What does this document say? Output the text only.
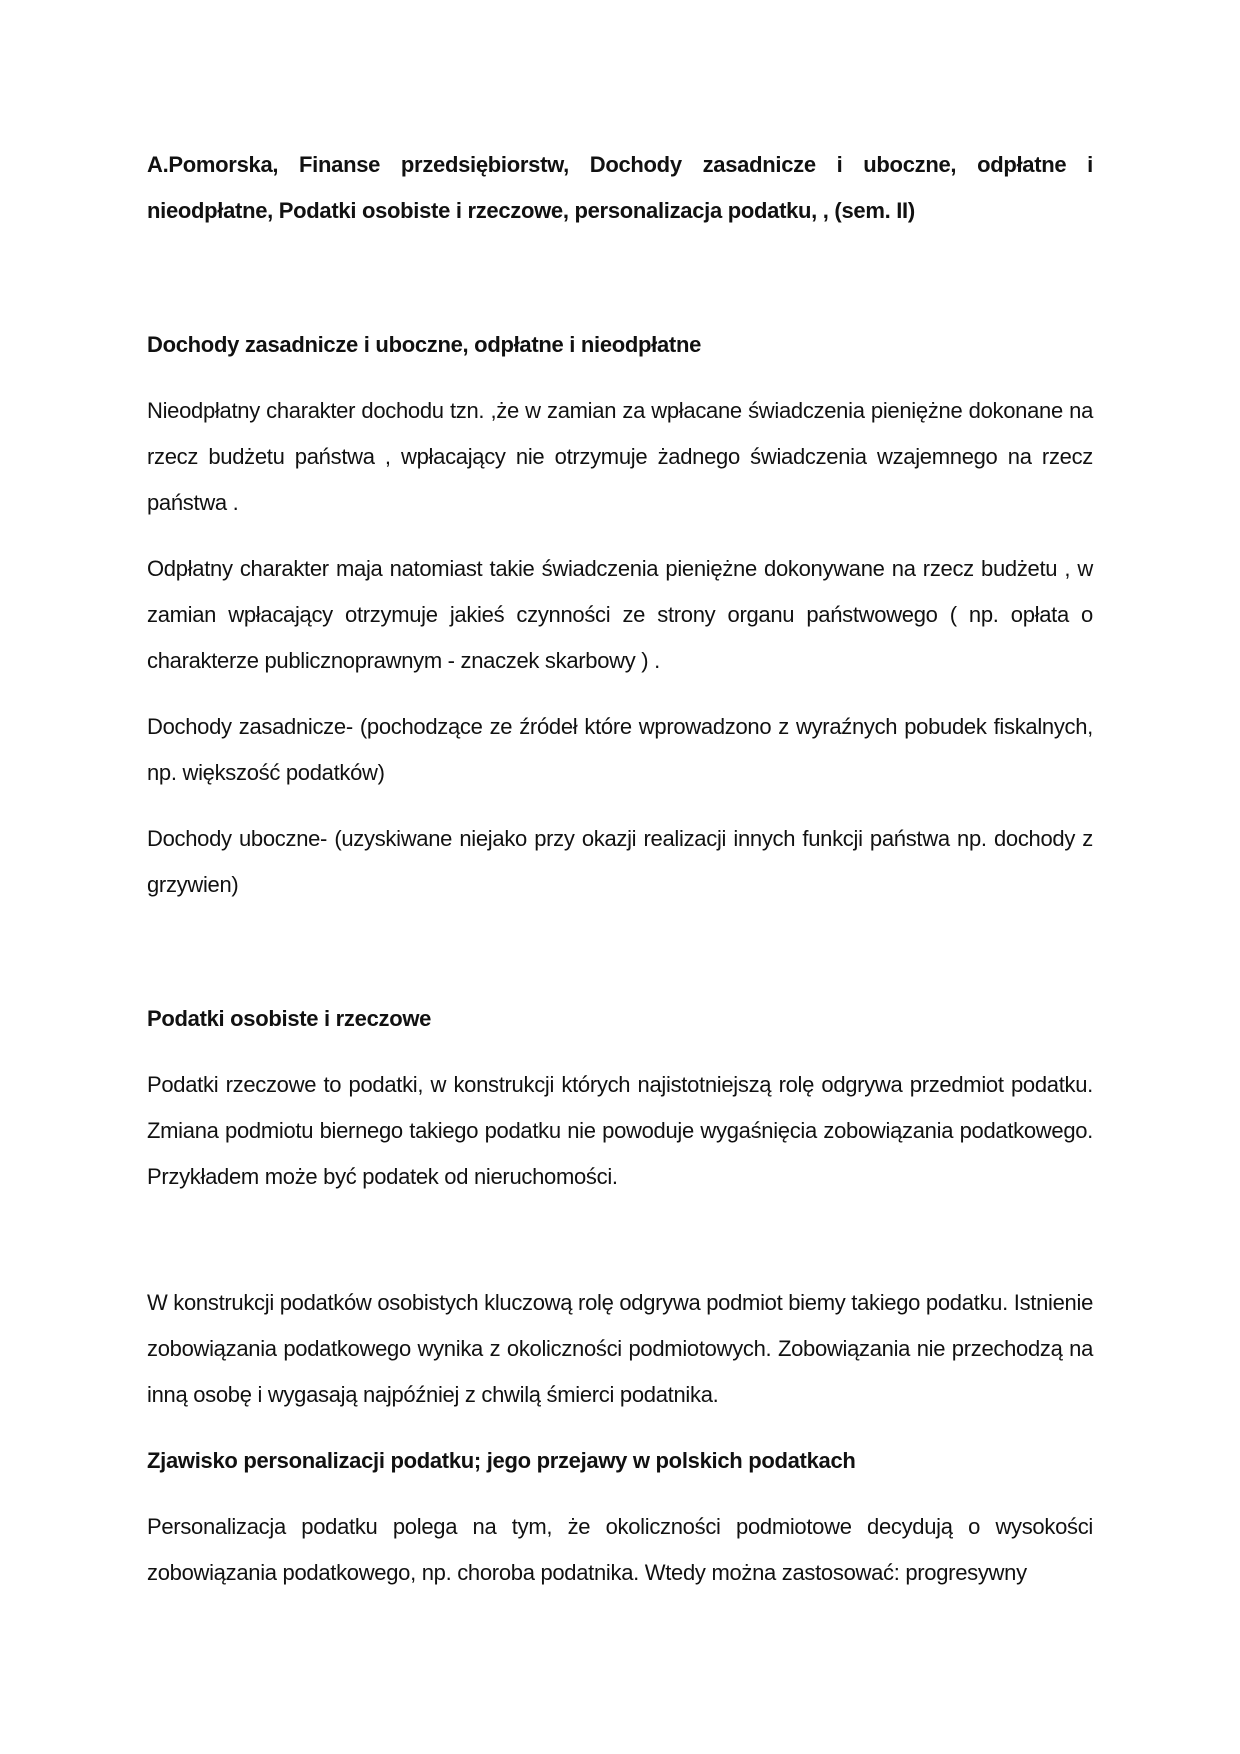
A.Pomorska, Finanse przedsiębiorstw, Dochody zasadnicze i uboczne, odpłatne i nieodpłatne, Podatki osobiste i rzeczowe, personalizacja podatku, , (sem. II)

Dochody zasadnicze i uboczne, odpłatne i nieodpłatne

Nieodpłatny charakter dochodu tzn. ,że w zamian za wpłacane świadczenia pieniężne dokonane na rzecz budżetu państwa , wpłacający nie otrzymuje żadnego świadczenia wzajemnego na rzecz państwa .

Odpłatny charakter maja natomiast takie świadczenia pieniężne dokonywane na rzecz budżetu , w zamian wpłacający otrzymuje jakieś czynności ze strony organu państwowego ( np. opłata o charakterze publicznoprawnym - znaczek skarbowy ) .

Dochody zasadnicze- (pochodzące ze źródeł które wprowadzono z wyraźnych pobudek fiskalnych, np. większość podatków)

Dochody uboczne- (uzyskiwane niejako przy okazji realizacji innych funkcji państwa np. dochody z grzywien)

Podatki osobiste i rzeczowe

Podatki rzeczowe to podatki, w konstrukcji których najistotniejszą rolę odgrywa przedmiot podatku. Zmiana podmiotu biernego takiego podatku nie powoduje wygaśnięcia zobowiązania podatkowego. Przykładem może być podatek od nieruchomości.

W konstrukcji podatków osobistych kluczową rolę odgrywa podmiot biemy takiego podatku. Istnienie zobowiązania podatkowego wynika z okoliczności podmiotowych. Zobowiązania nie przechodzą na inną osobę i wygasają najpóźniej z chwilą śmierci podatnika.

Zjawisko personalizacji podatku; jego przejawy w polskich podatkach

Personalizacja podatku polega na tym, że okoliczności podmiotowe decydują o wysokości zobowiązania podatkowego, np. choroba podatnika. Wtedy można zastosować: progresywny
